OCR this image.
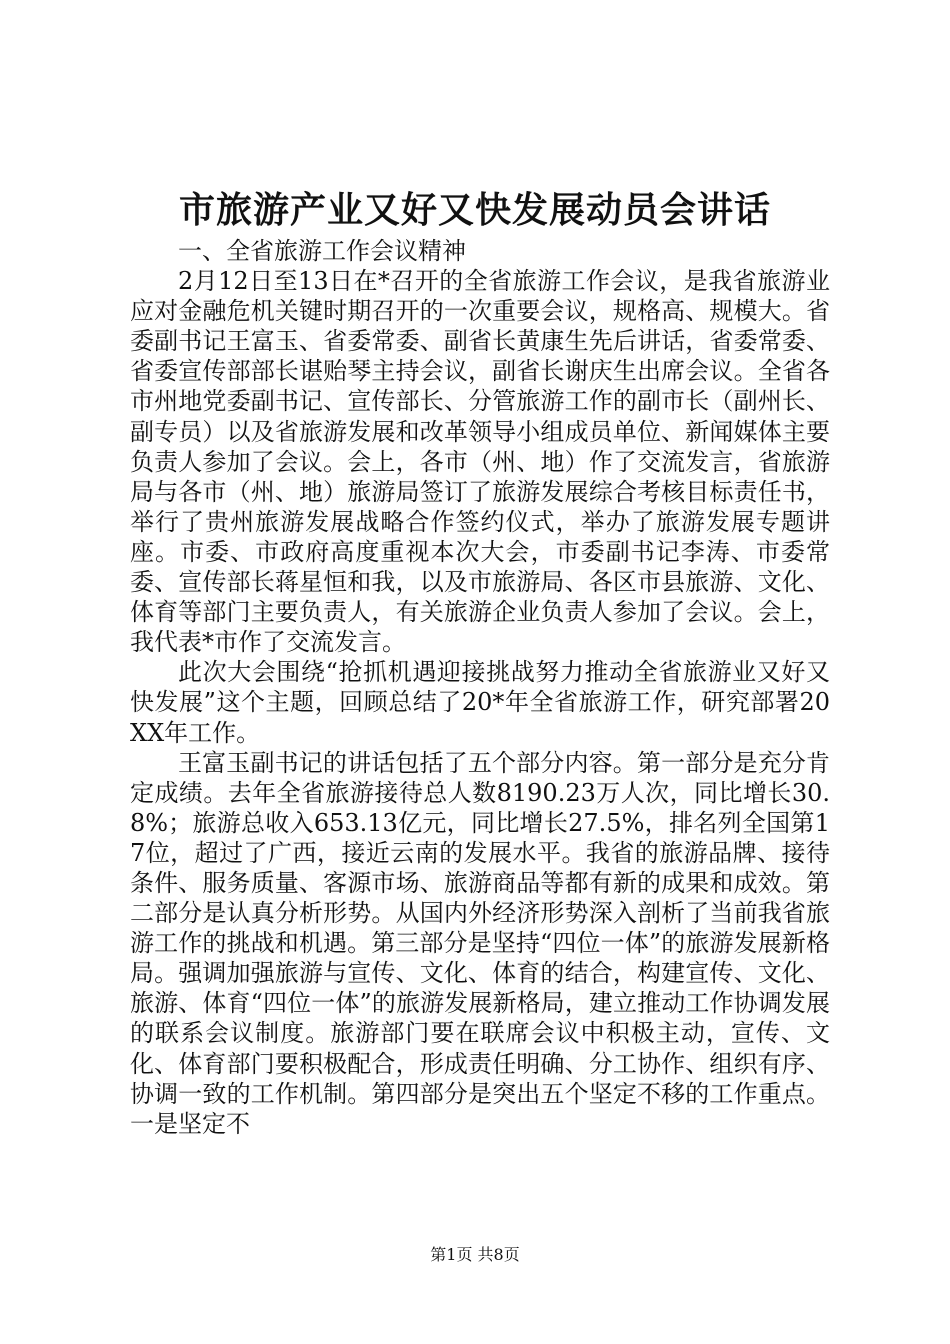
市旅游产业又好又快发展动员会讲话

一、全省旅游工作会议精神

2月12日至13日在*召开的全省旅游工作会议，是我省旅游业应对金融危机关键时期召开的一次重要会议，规格高、规模大。省委副书记王富玉、省委常委、副省长黄康生先后讲话，省委常委、省委宣传部部长谌贻琴主持会议，副省长谢庆生出席会议。全省各市州地党委副书记、宣传部长、分管旅游工作的副市长（副州长、副专员）以及省旅游发展和改革领导小组成员单位、新闻媒体主要负责人参加了会议。会上，各市（州、地）作了交流发言，省旅游局与各市（州、地）旅游局签订了旅游发展综合考核目标责任书，举行了贵州旅游发展战略合作签约仪式，举办了旅游发展专题讲座。市委、市政府高度重视本次大会，市委副书记李涛、市委常委、宣传部长蒋星恒和我，以及市旅游局、各区市县旅游、文化、体育等部门主要负责人，有关旅游企业负责人参加了会议。会上，我代表*市作了交流发言。

此次大会围绕“抢抓机遇迎接挑战努力推动全省旅游业又好又快发展”这个主题，回顾总结了20*年全省旅游工作，研究部署20XX年工作。

王富玉副书记的讲话包括了五个部分内容。第一部分是充分肯定成绩。去年全省旅游接待总人数8190.23万人次，同比增长30.8%；旅游总收入653.13亿元，同比增长27.5%，排名列全国第17位，超过了广西，接近云南的发展水平。我省的旅游品牌、接待条件、服务质量、客源市场、旅游商品等都有新的成果和成效。第二部分是认真分析形势。从国内外经济形势深入剖析了当前我省旅游工作的挑战和机遇。第三部分是坚持“四位一体”的旅游发展新格局。强调加强旅游与宣传、文化、体育的结合，构建宣传、文化、旅游、体育“四位一体”的旅游发展新格局，建立推动工作协调发展的联系会议制度。旅游部门要在联席会议中积极主动，宣传、文化、体育部门要积极配合，形成责任明确、分工协作、组织有序、协调一致的工作机制。第四部分是突出五个坚定不移的工作重点。一是坚定不

第1页 共8页
